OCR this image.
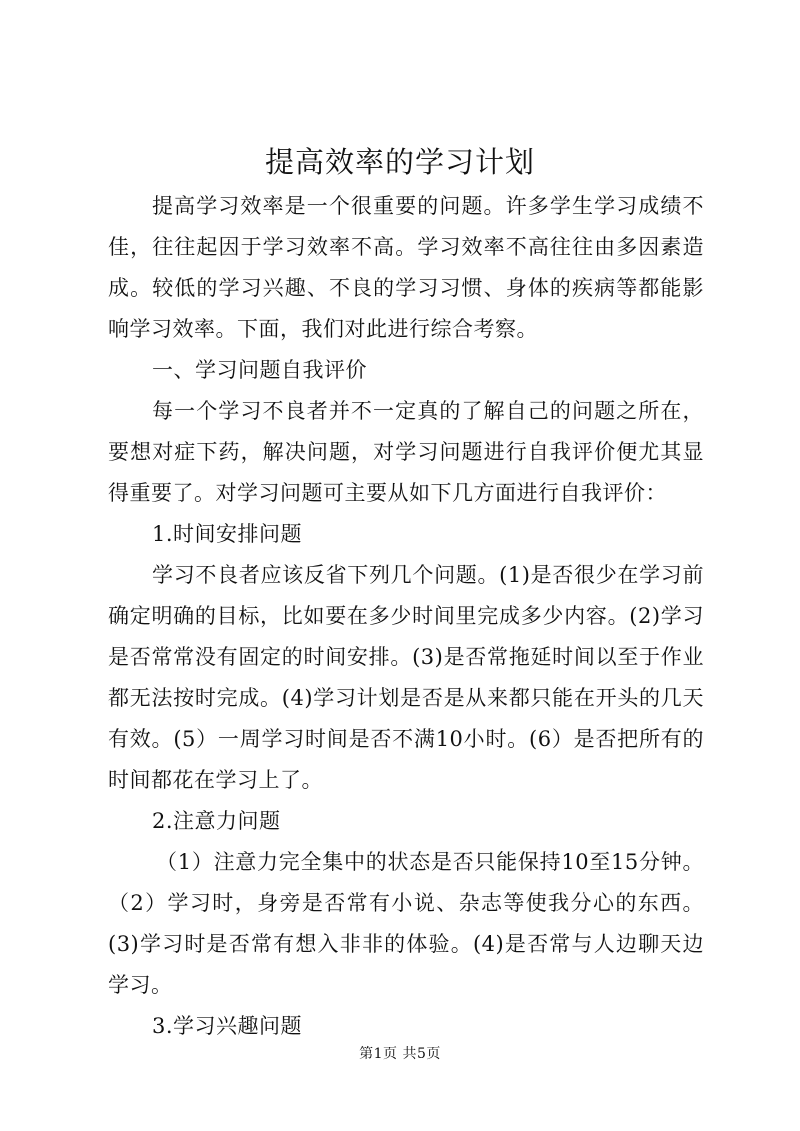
提高效率的学习计划

提高学习效率是一个很重要的问题。许多学生学习成绩不佳，往往起因于学习效率不高。学习效率不高往往由多因素造成。较低的学习兴趣、不良的学习习惯、身体的疾病等都能影响学习效率。下面，我们对此进行综合考察。

一、学习问题自我评价

每一个学习不良者并不一定真的了解自己的问题之所在，要想对症下药，解决问题，对学习问题进行自我评价便尤其显得重要了。对学习问题可主要从如下几方面进行自我评价：

1.时间安排问题

学习不良者应该反省下列几个问题。(1)是否很少在学习前确定明确的目标，比如要在多少时间里完成多少内容。(2)学习是否常常没有固定的时间安排。(3)是否常拖延时间以至于作业都无法按时完成。(4)学习计划是否是从来都只能在开头的几天有效。(5）一周学习时间是否不满10小时。(6）是否把所有的时间都花在学习上了。

2.注意力问题

（1）注意力完全集中的状态是否只能保持10至15分钟。（2）学习时，身旁是否常有小说、杂志等使我分心的东西。(3)学习时是否常有想入非非的体验。(4)是否常与人边聊天边学习。

3.学习兴趣问题

第1页 共5页
